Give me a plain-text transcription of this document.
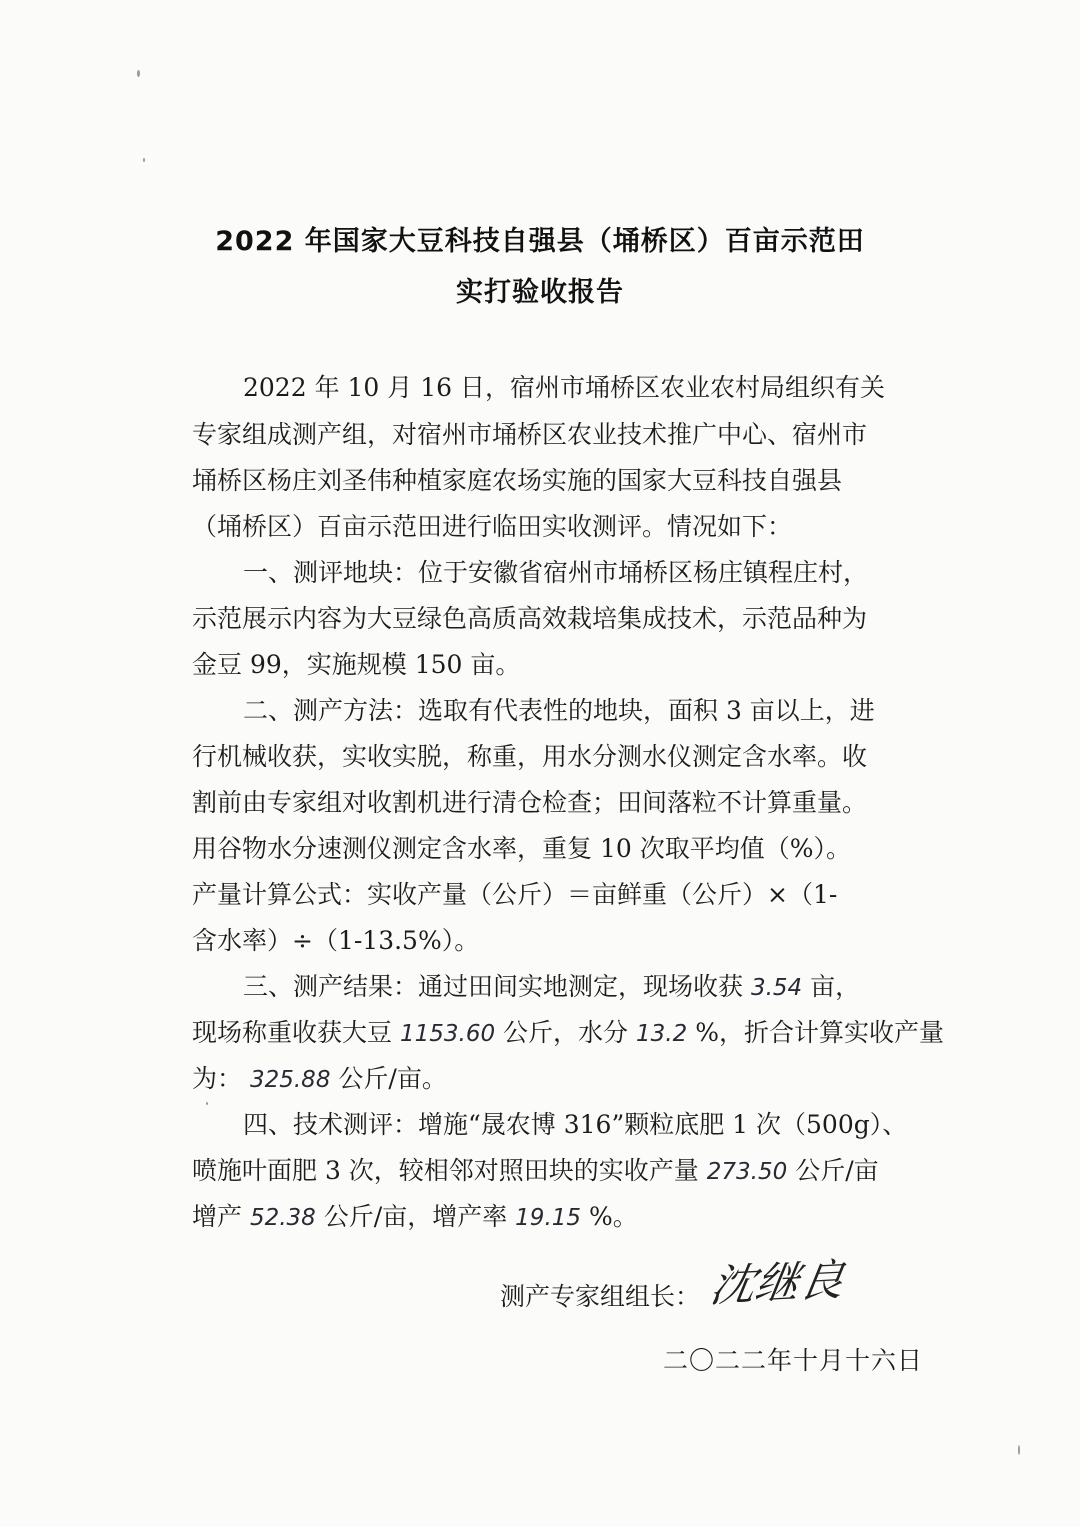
2022 年国家大豆科技自强县（埇桥区）百亩示范田
实打验收报告
2022 年 10 月 16 日，宿州市埇桥区农业农村局组织有关
专家组成测产组，对宿州市埇桥区农业技术推广中心、宿州市
埇桥区杨庄刘圣伟种植家庭农场实施的国家大豆科技自强县
（埇桥区）百亩示范田进行临田实收测评。情况如下：
一、测评地块：位于安徽省宿州市埇桥区杨庄镇程庄村，
示范展示内容为大豆绿色高质高效栽培集成技术，示范品种为
金豆 99，实施规模 150 亩。
二、测产方法：选取有代表性的地块，面积 3 亩以上，进
行机械收获，实收实脱，称重，用水分测水仪测定含水率。收
割前由专家组对收割机进行清仓检查；田间落粒不计算重量。
用谷物水分速测仪测定含水率，重复 10 次取平均值（%）。
产量计算公式：实收产量（公斤）＝亩鲜重（公斤）×（1-
含水率）÷（1-13.5%）。
三、测产结果：通过田间实地测定，现场收获 3.54 亩，
现场称重收获大豆 1153.60 公斤，水分 13.2 %，折合计算实收产量
为： 325.88 公斤/亩。
四、技术测评：增施“晟农博 316”颗粒底肥 1 次（500g）、
喷施叶面肥 3 次，较相邻对照田块的实收产量 273.50 公斤/亩
增产 52.38 公斤/亩，增产率 19.15 %。
测产专家组组长： 沈继良
二〇二二年十月十六日
